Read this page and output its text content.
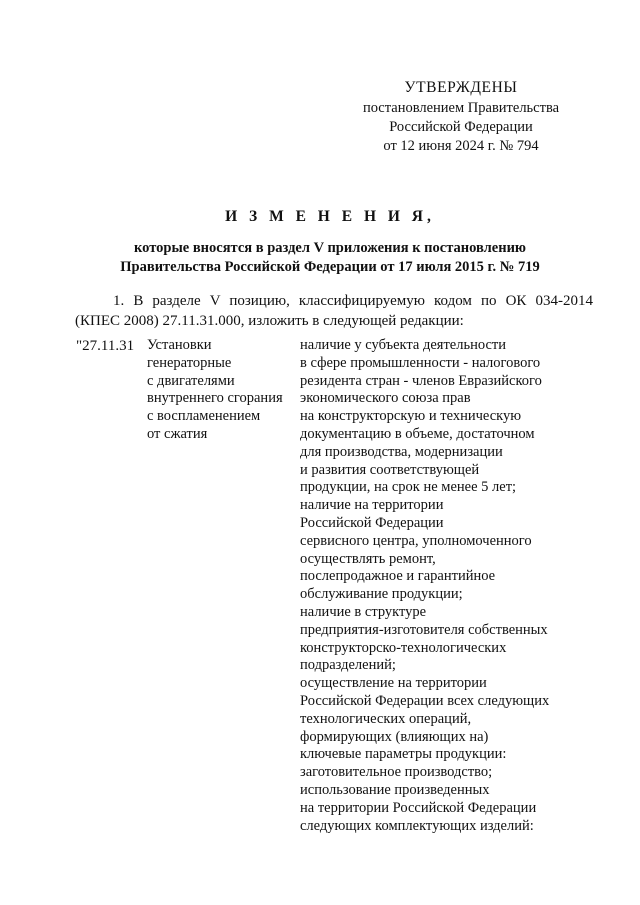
УТВЕРЖДЕНЫ
постановлением Правительства
Российской Федерации
от 12 июня 2024 г. № 794
И З М Е Н Е Н И Я,
которые вносятся в раздел V приложения к постановлению
Правительства Российской Федерации от 17 июля 2015 г. № 719
1. В разделе V позицию, классифицируемую кодом по ОК 034-2014
(КПЕС 2008) 27.11.31.000, изложить в следующей редакции:
"27.11.31 Установки
генераторные
с двигателями
внутреннего сгорания
с воспламенением
от сжатия
наличие у субъекта деятельности
в сфере промышленности - налогового
резидента стран - членов Евразийского
экономического союза прав
на конструкторскую и техническую
документацию в объеме, достаточном
для производства, модернизации
и развития соответствующей
продукции, на срок не менее 5 лет;
наличие на территории
Российской Федерации
сервисного центра, уполномоченного
осуществлять ремонт,
послепродажное и гарантийное
обслуживание продукции;
наличие в структуре
предприятия-изготовителя собственных
конструкторско-технологических
подразделений;
осуществление на территории
Российской Федерации всех следующих
технологических операций,
формирующих (влияющих на)
ключевые параметры продукции:
заготовительное производство;
использование произведенных
на территории Российской Федерации
следующих комплектующих изделий:
